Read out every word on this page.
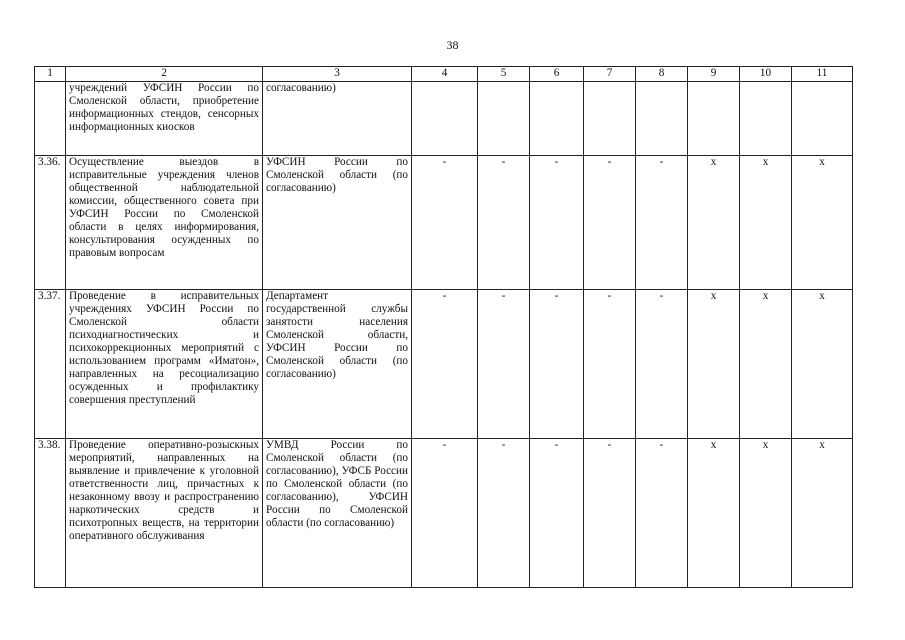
38
1	2	3	4	5	6	7	8	9	10	11
	учреждений УФСИН России по Смоленской области, приобретение информационных стендов, сенсорных информационных киосков	согласованию)								
3.36.	Осуществление выездов в исправительные учреждения членов общественной наблюдательной комиссии, общественного совета при УФСИН России по Смоленской области в целях информирования, консультирования осужденных по правовым вопросам	УФСИН России по Смоленской области (по согласованию)	-	-	-	-	-	х	х	х
3.37.	Проведение в исправительных учреждениях УФСИН России по Смоленской области психодиагностических и психокоррекционных мероприятий с использованием программ «Иматон», направленных на ресоциализацию осужденных и профилактику совершения преступлений	Департамент государственной службы занятости населения Смоленской области, УФСИН России по Смоленской области (по согласованию)	-	-	-	-	-	х	х	х
3.38.	Проведение оперативно-розыскных мероприятий, направленных на выявление и привлечение к уголовной ответственности лиц, причастных к незаконному ввозу и распространению наркотических средств и психотропных веществ, на территории оперативного обслуживания	УМВД России по Смоленской области (по согласованию), УФСБ России по Смоленской области (по согласованию), УФСИН России по Смоленской области (по согласованию)	-	-	-	-	-	х	х	х
